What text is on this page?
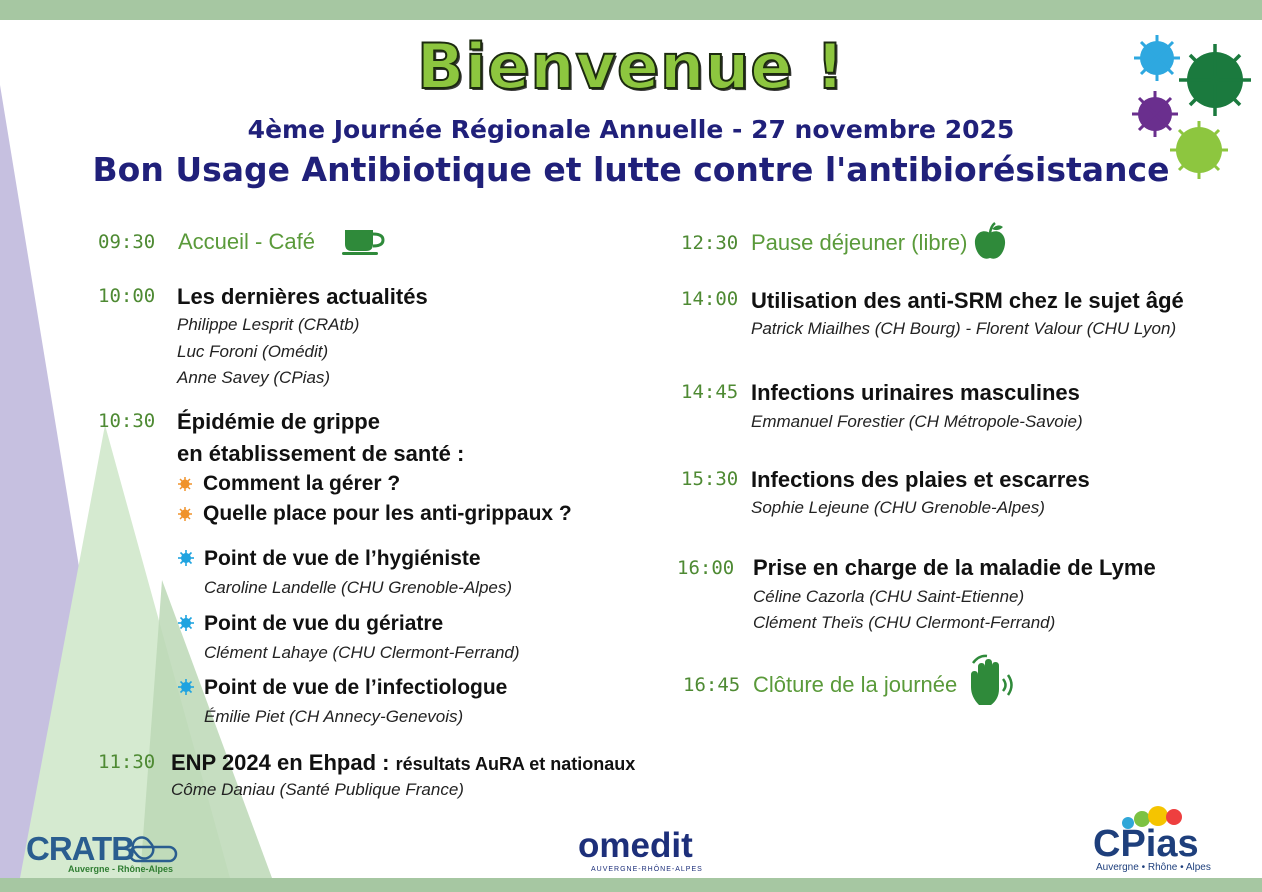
Bienvenue !
4ème Journée Régionale Annuelle - 27 novembre 2025
Bon Usage Antibiotique et lutte contre l'antibiorésistance
09:30 Accueil - Café
10:00 Les dernières actualités
Philippe Lesprit (CRAtb)
Luc Foroni (Omédit)
Anne Savey (CPias)
10:30 Épidémie de grippe
en établissement de santé :
Comment la gérer ?
Quelle place pour les anti-grippaux ?
Point de vue de l’hygiéniste
Caroline Landelle (CHU Grenoble-Alpes)
Point de vue du gériatre
Clément Lahaye (CHU Clermont-Ferrand)
Point de vue de l’infectiologue
Émilie Piet (CH Annecy-Genevois)
11:30 ENP 2024 en Ehpad : résultats AuRA et nationaux
Côme Daniau (Santé Publique France)
12:30 Pause déjeuner (libre)
14:00 Utilisation des anti-SRM chez le sujet âgé
Patrick Miailhes (CH Bourg) - Florent Valour (CHU Lyon)
14:45 Infections urinaires masculines
Emmanuel Forestier (CH Métropole-Savoie)
15:30 Infections des plaies et escarres
Sophie Lejeune (CHU Grenoble-Alpes)
16:00 Prise en charge de la maladie de Lyme
Céline Cazorla (CHU Saint-Etienne)
Clément Theïs (CHU Clermont-Ferrand)
16:45 Clôture de la journée
CRATB
Auvergne - Rhône-Alpes
omedit
AUVERGNE-RHÔNE-ALPES
CPias
Auvergne • Rhône • Alpes
